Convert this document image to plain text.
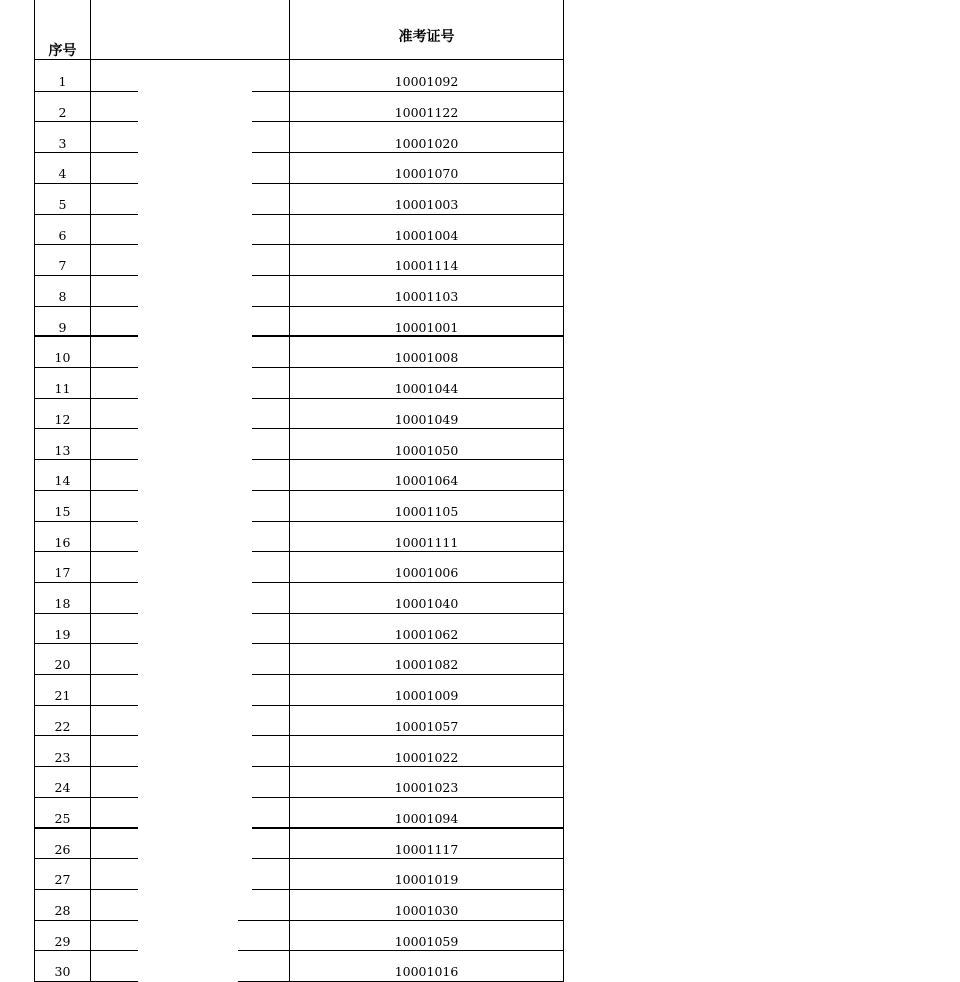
序号
准考证号
1	10001092
2	10001122
3	10001020
4	10001070
5	10001003
6	10001004
7	10001114
8	10001103
9	10001001
10	10001008
11	10001044
12	10001049
13	10001050
14	10001064
15	10001105
16	10001111
17	10001006
18	10001040
19	10001062
20	10001082
21	10001009
22	10001057
23	10001022
24	10001023
25	10001094
26	10001117
27	10001019
28	10001030
29	10001059
30	10001016
